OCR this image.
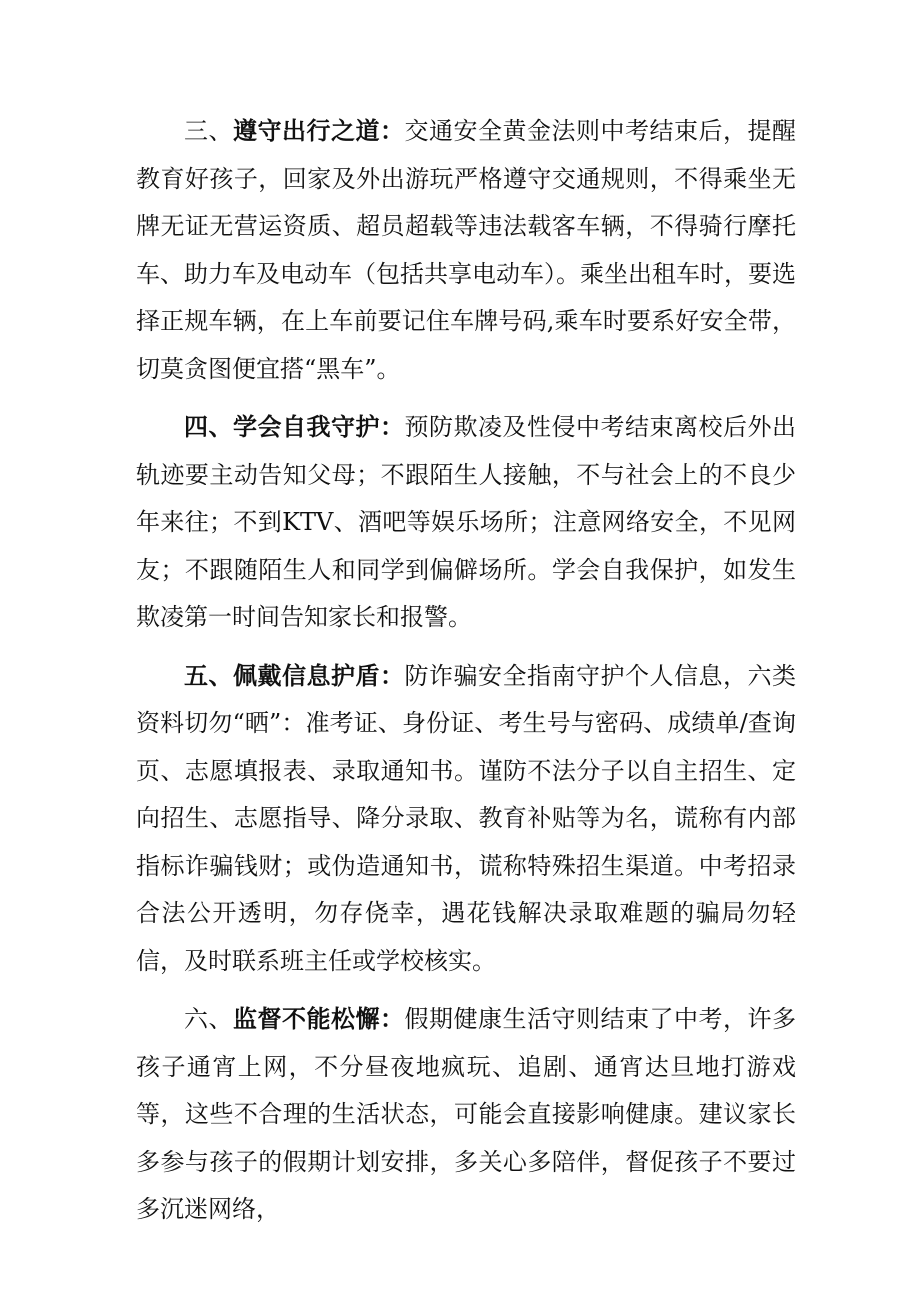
三、遵守出行之道：交通安全黄金法则中考结束后，提醒教育好孩子，回家及外出游玩严格遵守交通规则，不得乘坐无牌无证无营运资质、超员超载等违法载客车辆，不得骑行摩托车、助力车及电动车（包括共享电动车）。乘坐出租车时，要选择正规车辆，在上车前要记住车牌号码,乘车时要系好安全带，切莫贪图便宜搭“黑车”。

四、学会自我守护：预防欺凌及性侵中考结束离校后外出轨迹要主动告知父母；不跟陌生人接触，不与社会上的不良少年来往；不到KTV、酒吧等娱乐场所；注意网络安全，不见网友；不跟随陌生人和同学到偏僻场所。学会自我保护，如发生欺凌第一时间告知家长和报警。

五、佩戴信息护盾：防诈骗安全指南守护个人信息，六类资料切勿“晒”：准考证、身份证、考生号与密码、成绩单/查询页、志愿填报表、录取通知书。谨防不法分子以自主招生、定向招生、志愿指导、降分录取、教育补贴等为名，谎称有内部指标诈骗钱财；或伪造通知书，谎称特殊招生渠道。中考招录合法公开透明，勿存侥幸，遇花钱解决录取难题的骗局勿轻信，及时联系班主任或学校核实。

六、监督不能松懈：假期健康生活守则结束了中考，许多孩子通宵上网，不分昼夜地疯玩、追剧、通宵达旦地打游戏等，这些不合理的生活状态，可能会直接影响健康。建议家长多参与孩子的假期计划安排，多关心多陪伴，督促孩子不要过多沉迷网络，
